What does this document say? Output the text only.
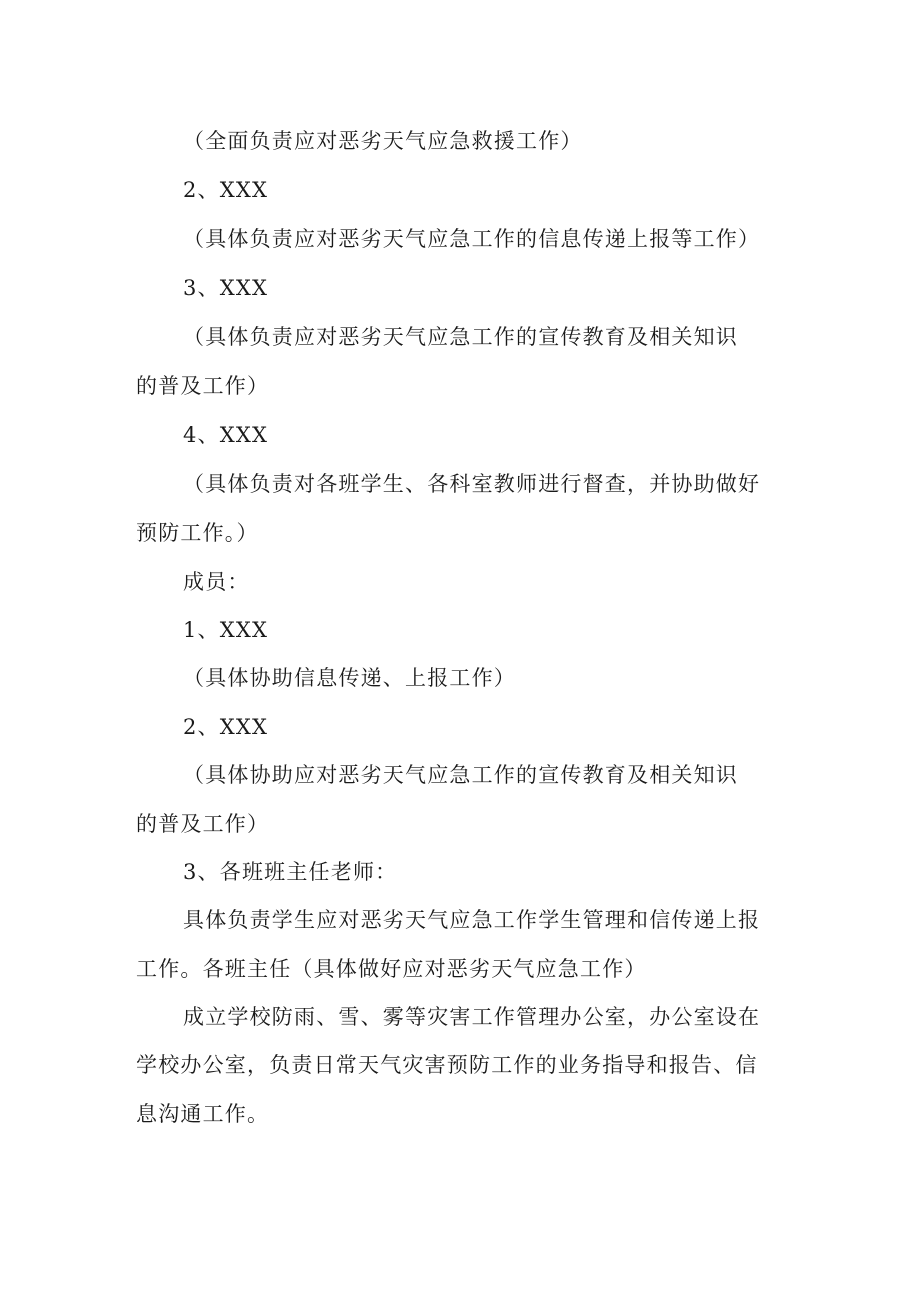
（全面负责应对恶劣天气应急救援工作）
2、XXX
（具体负责应对恶劣天气应急工作的信息传递上报等工作）
3、XXX
（具体负责应对恶劣天气应急工作的宣传教育及相关知识
的普及工作）
4、XXX
（具体负责对各班学生、各科室教师进行督查，并协助做好
预防工作。）
成员：
1、XXX
（具体协助信息传递、上报工作）
2、XXX
（具体协助应对恶劣天气应急工作的宣传教育及相关知识
的普及工作）
3、各班班主任老师：
具体负责学生应对恶劣天气应急工作学生管理和信传递上报
工作。各班主任（具体做好应对恶劣天气应急工作）
成立学校防雨、雪、雾等灾害工作管理办公室，办公室设在
学校办公室，负责日常天气灾害预防工作的业务指导和报告、信
息沟通工作。
